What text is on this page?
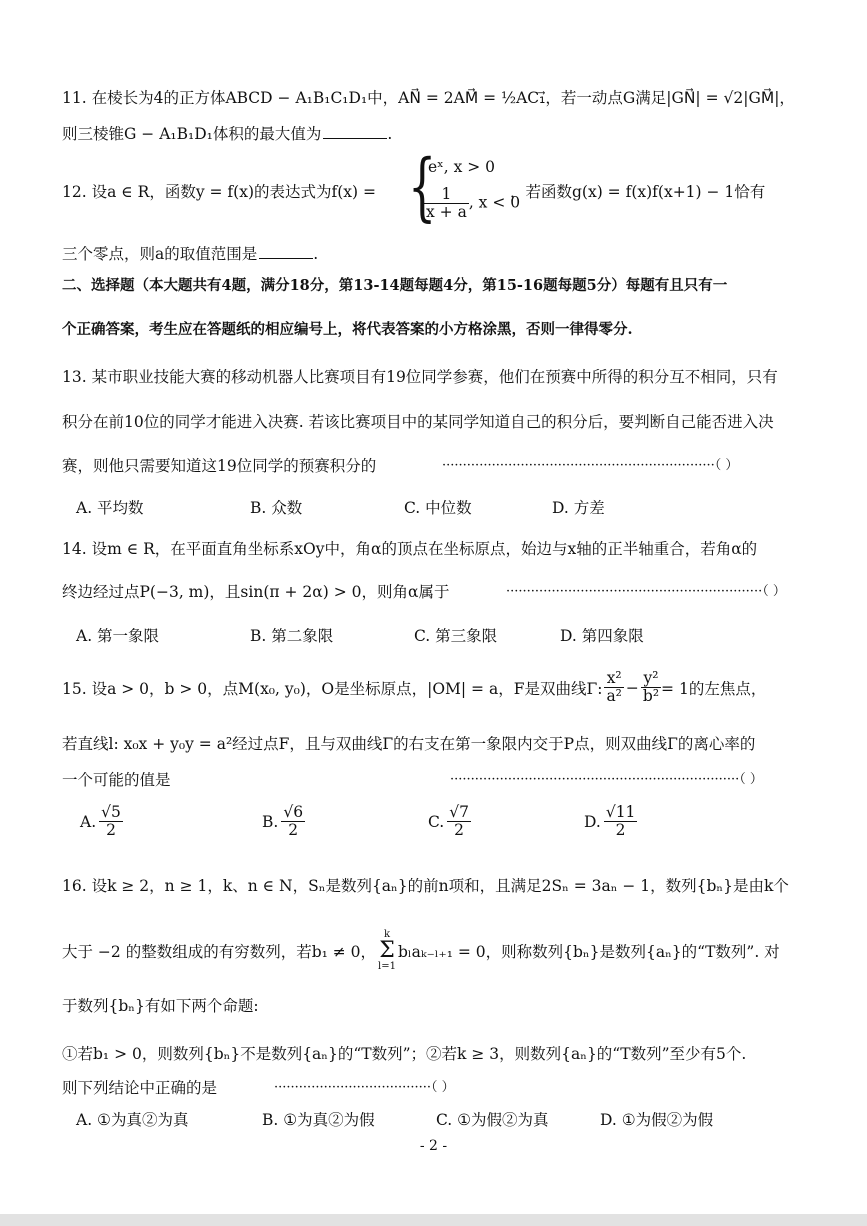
11. 在棱长为4的正方体ABCD − A₁B₁C₁D₁中，AN⃗ = 2AM⃗ = ½AC₁⃗，若一动点G满足|GN⃗| = √2|GM⃗|，
则三棱锥G − A₁B₁D₁体积的最大值为	.
12. 设a ∈ R，函数y = f(x)的表达式为f(x) = {
eˣ, x > 0
$\frac{1}{x + a}$ , x < 0
，若函数g(x) = f(x)f(x+1) − 1恰有
三个零点，则a的取值范围是	.
二、选择题（本大题共有4题，满分18分，第13-14题每题4分，第15-16题每题5分）每题有且只有一
个正确答案，考生应在答题纸的相应编号上，将代表答案的小方格涂黑，否则一律得零分.
13. 某市职业技能大赛的移动机器人比赛项目有19位同学参赛，他们在预赛中所得的积分互不相同，只有
积分在前10位的同学才能进入决赛. 若该比赛项目中的某同学知道自己的积分后，要判断自己能否进入决
赛，则他只需要知道这19位同学的预赛积分的	··································································（ ）
A. 平均数	B. 众数	C. 中位数	D. 方差
14. 设m ∈ R，在平面直角坐标系xOy中，角α的顶点在坐标原点，始边与x轴的正半轴重合，若角α的
终边经过点P(−3, m)，且sin(π + 2α) > 0，则角α属于	······························································（ ）
A. 第一象限	B. 第二象限	C. 第三象限	D. 第四象限
15. 设a > 0，b > 0，点M(x₀, y₀)，O是坐标原点，|OM| = a，F是双曲线Γ: $\frac{\text{x²}}{\text{a²}} - \frac{\text{y²}}{\text{b²}} = 1$的左焦点，
若直线l: x₀x + y₀y = a²经过点F，且与双曲线Γ的右支在第一象限内交于P点，则双曲线Γ的离心率的
一个可能的值是	······································································（ ）
A. $\frac{√5}{2}$	B. $\frac{√6}{2}$	C. $\frac{√7}{2}$	D. $\frac{√11}{2}$
16. 设k ≥ 2，n ≥ 1，k、n ∈ N，Sₙ是数列{aₙ}的前n项和，且满足2Sₙ = 3aₙ − 1，数列{bₙ}是由k个
大于 −2 的整数组成的有穷数列，若b₁ ≠ 0，
k
Σ
l=1
bₗaₖ₋ₗ₊₁ = 0，则称数列{bₙ}是数列{aₙ}的“T数列”. 对
于数列{bₙ}有如下两个命题:
①若b₁ > 0，则数列{bₙ}不是数列{aₙ}的“T数列”；②若k ≥ 3，则数列{aₙ}的“T数列”至少有5个.
则下列结论中正确的是	······································（ ）
A. ①为真②为真	B. ①为真②为假	C. ①为假②为真	D. ①为假②为假
- 2 -
